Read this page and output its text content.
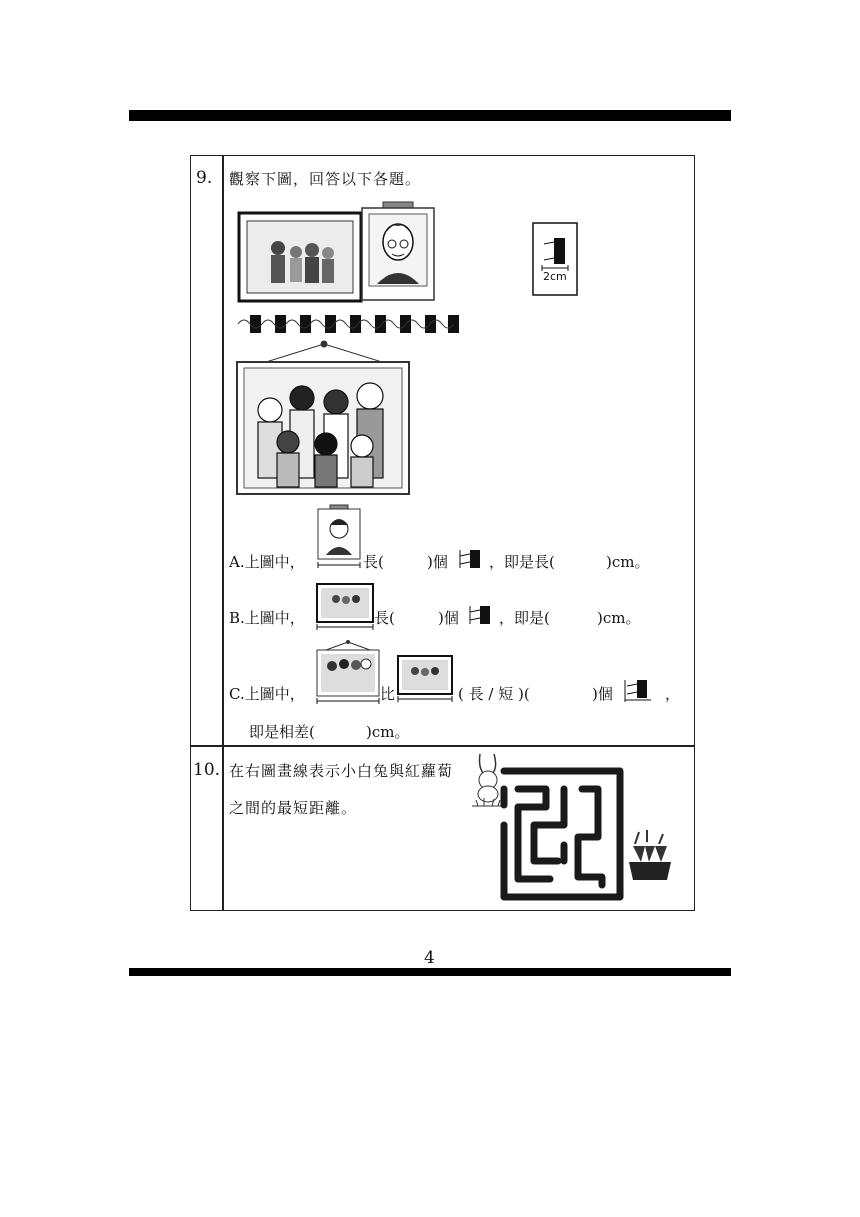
9. 觀察下圖，回答以下各題。
2cm
A.上圖中，	長(	)個	，即是長(	)cm。
B.上圖中，	長(	)個	，即是(	)cm。
C.上圖中，	比	( 長 / 短 )(	)個	，
即是相差(	)cm。
10. 在右圖畫線表示小白兔與紅蘿蔔
之間的最短距離。
4
